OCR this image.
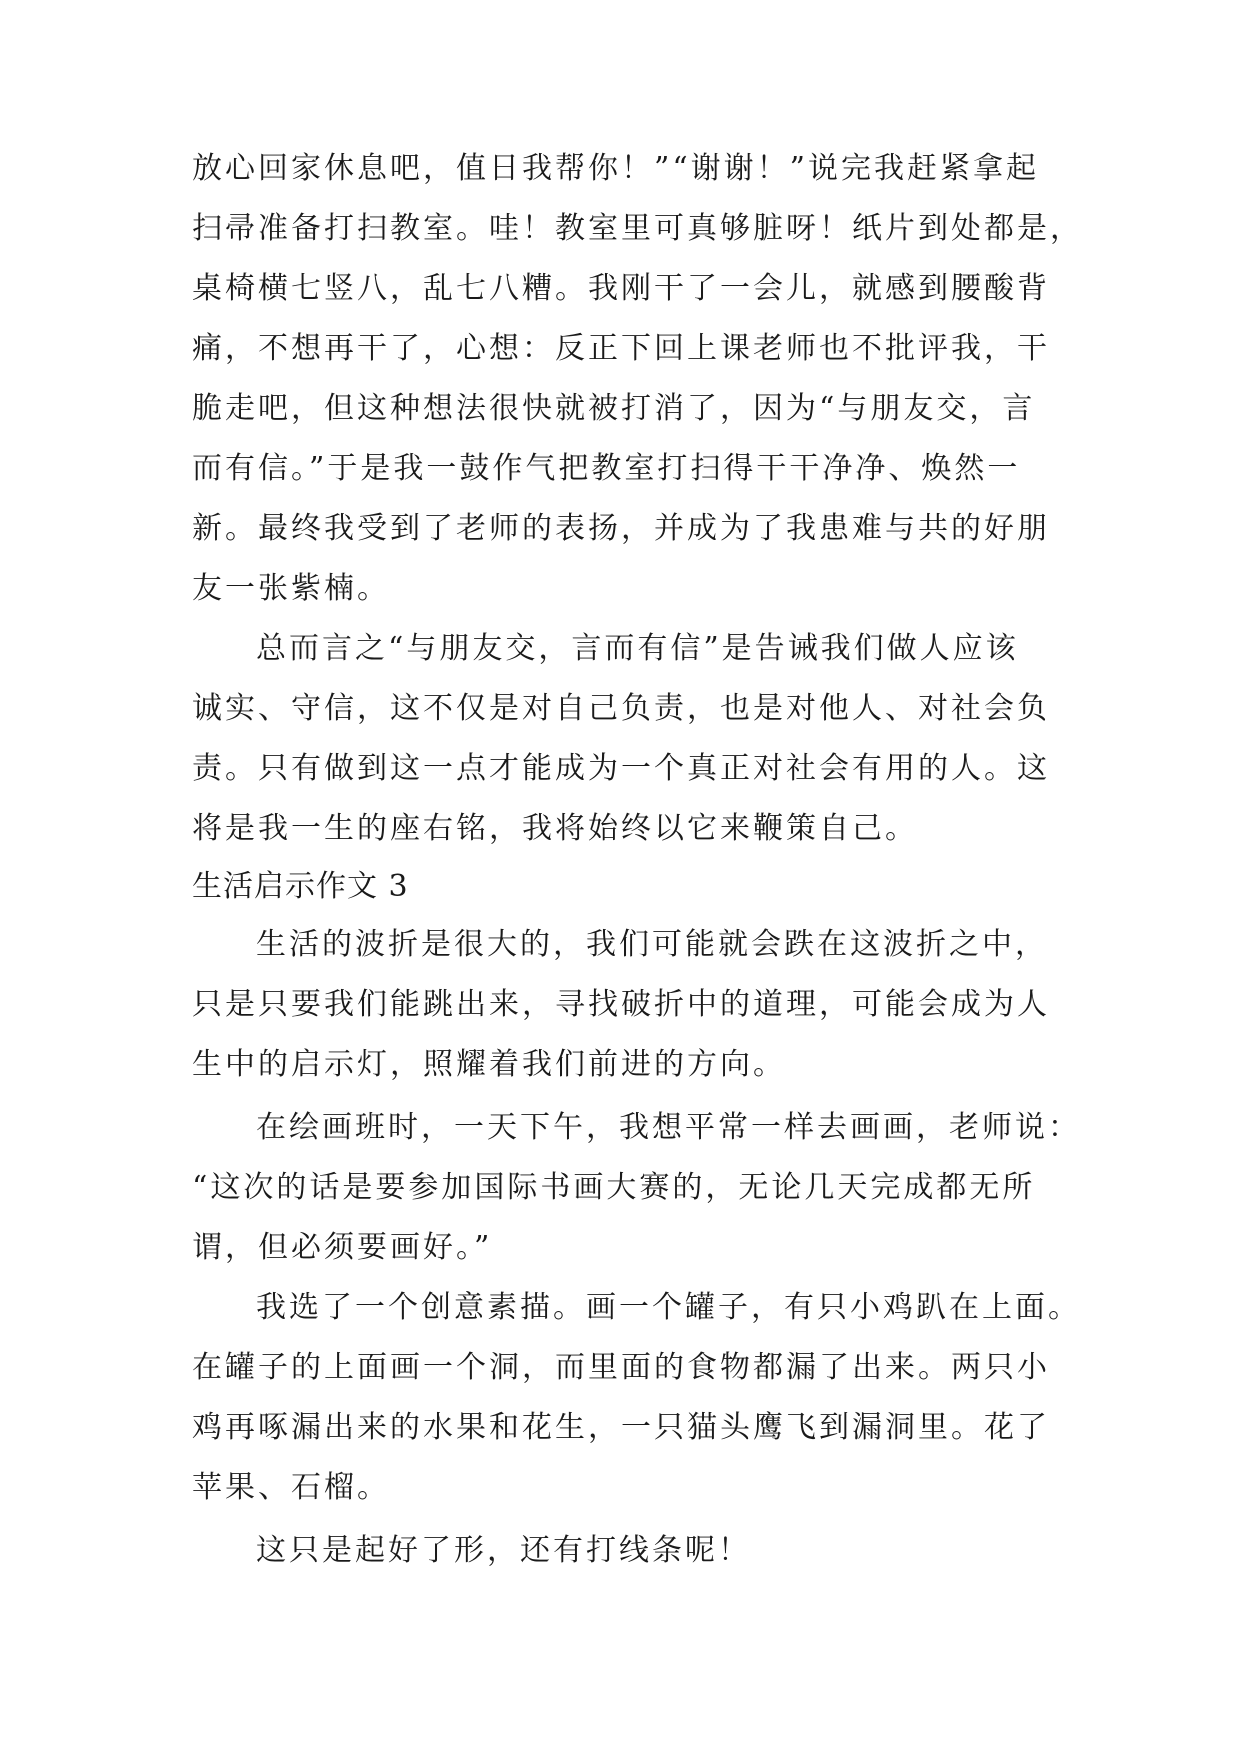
放心回家休息吧，值日我帮你！”“谢谢！”说完我赶紧拿起
扫帚准备打扫教室。哇！教室里可真够脏呀！纸片到处都是，
桌椅横七竖八，乱七八糟。我刚干了一会儿，就感到腰酸背
痛，不想再干了，心想：反正下回上课老师也不批评我，干
脆走吧，但这种想法很快就被打消了，因为“与朋友交，言
而有信。”于是我一鼓作气把教室打扫得干干净净、焕然一
新。最终我受到了老师的表扬，并成为了我患难与共的好朋
友一张紫楠。
总而言之“与朋友交，言而有信”是告诫我们做人应该
诚实、守信，这不仅是对自己负责，也是对他人、对社会负
责。只有做到这一点才能成为一个真正对社会有用的人。这
将是我一生的座右铭，我将始终以它来鞭策自己。
生活启示作文 3
生活的波折是很大的，我们可能就会跌在这波折之中，
只是只要我们能跳出来，寻找破折中的道理，可能会成为人
生中的启示灯，照耀着我们前进的方向。
在绘画班时，一天下午，我想平常一样去画画，老师说：
“这次的话是要参加国际书画大赛的，无论几天完成都无所
谓，但必须要画好。”
我选了一个创意素描。画一个罐子，有只小鸡趴在上面。
在罐子的上面画一个洞，而里面的食物都漏了出来。两只小
鸡再啄漏出来的水果和花生，一只猫头鹰飞到漏洞里。花了
苹果、石榴。
这只是起好了形，还有打线条呢！
